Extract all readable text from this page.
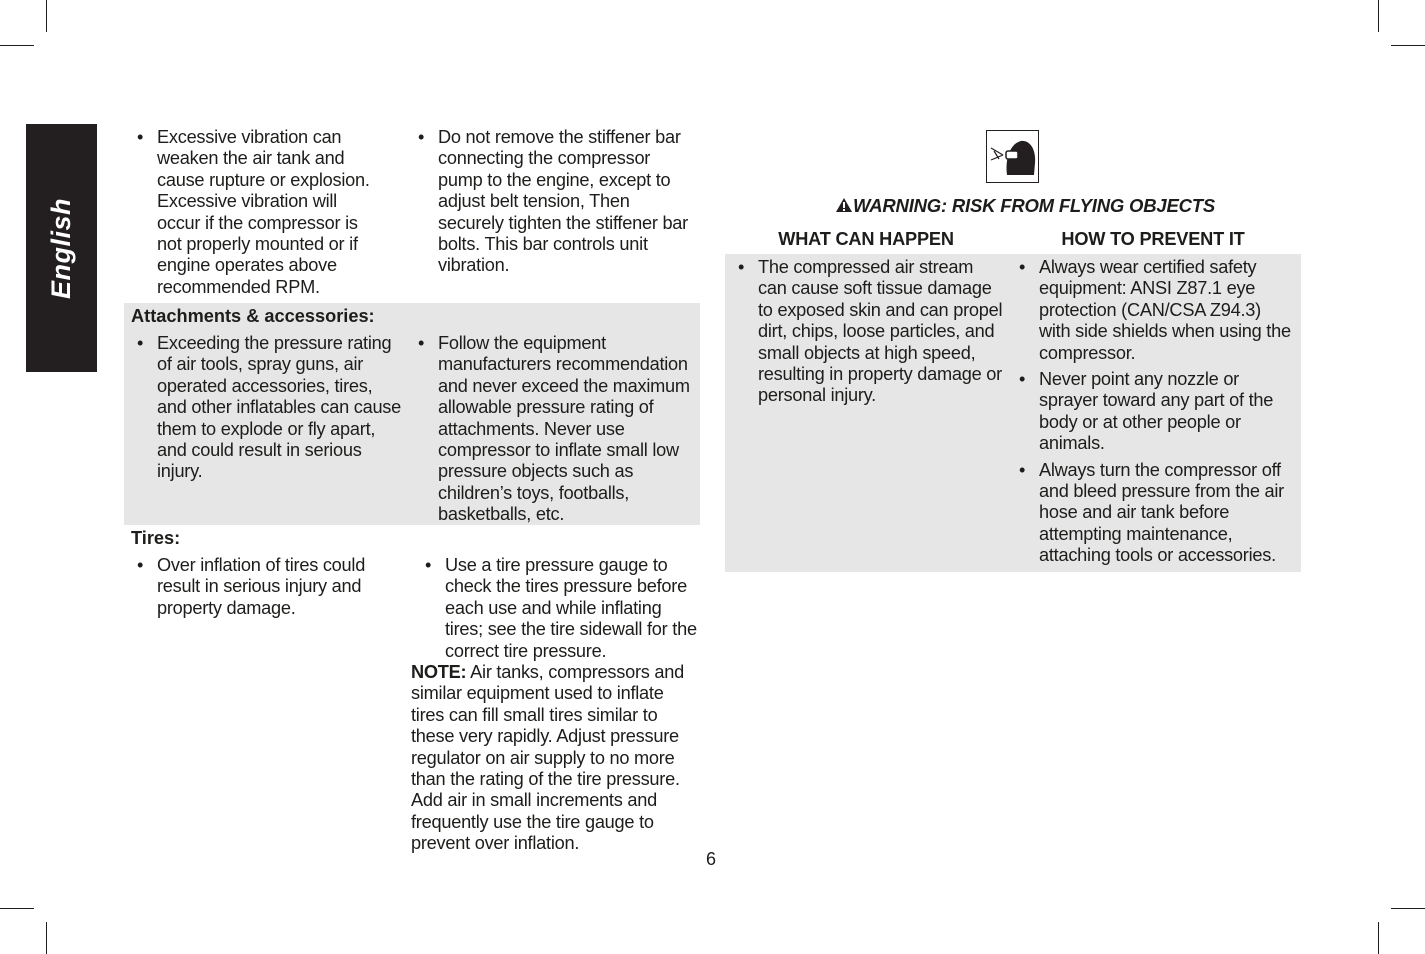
English
• Excessive vibration can weaken the air tank and cause rupture or explosion. Excessive vibration will occur if the compressor is not properly mounted or if engine operates above recommended RPM.
• Do not remove the stiffener bar connecting the compressor pump to the engine, except to adjust belt tension, Then securely tighten the stiffener bar bolts. This bar controls unit vibration.
Attachments & accessories:
• Exceeding the pressure rating of air tools, spray guns, air operated accessories, tires, and other inflatables can cause them to explode or fly apart, and could result in serious injury.
• Follow the equipment manufacturers recommendation and never exceed the maximum allowable pressure rating of attachments. Never use compressor to inflate small low pressure objects such as children’s toys, footballs, basketballs, etc.
Tires:
• Over inflation of tires could result in serious injury and property damage.
• Use a tire pressure gauge to check the tires pressure before each use and while inflating tires; see the tire sidewall for the correct tire pressure.
NOTE: Air tanks, compressors and similar equipment used to inflate tires can fill small tires similar to these very rapidly. Adjust pressure regulator on air supply to no more than the rating of the tire pressure. Add air in small increments and frequently use the tire gauge to prevent over inflation.
WARNING: RISK FROM FLYING OBJECTS
WHAT CAN HAPPEN	HOW TO PREVENT IT
• The compressed air stream can cause soft tissue damage to exposed skin and can propel dirt, chips, loose particles, and small objects at high speed, resulting in property damage or personal injury.
• Always wear certified safety equipment: ANSI Z87.1 eye protection (CAN/CSA Z94.3) with side shields when using the compressor.
• Never point any nozzle or sprayer toward any part of the body or at other people or animals.
• Always turn the compressor off and bleed pressure from the air hose and air tank before attempting maintenance, attaching tools or accessories.
6
